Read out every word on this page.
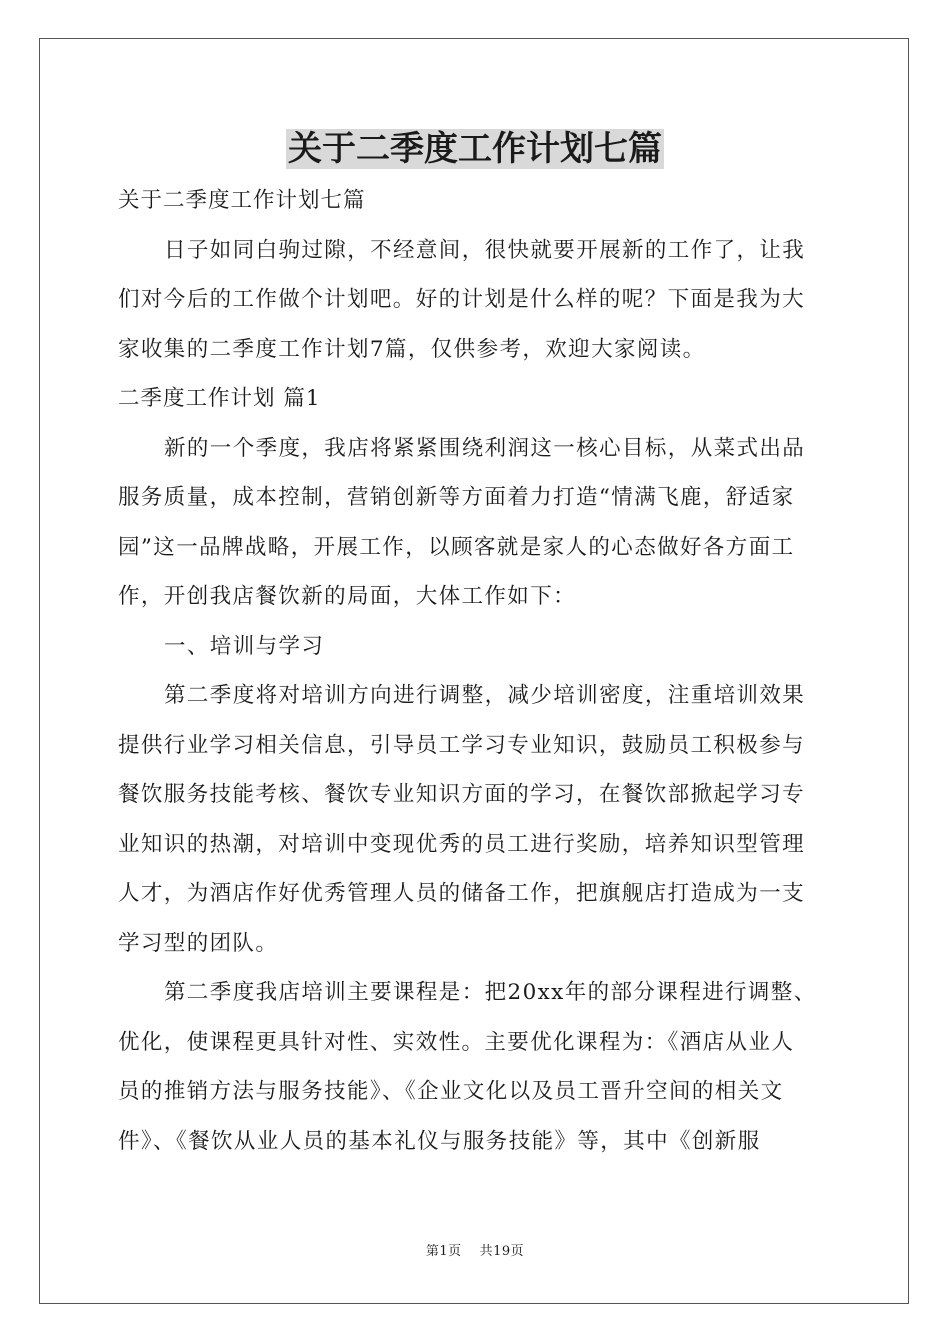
关于二季度工作计划七篇
关于二季度工作计划七篇
日子如同白驹过隙，不经意间，很快就要开展新的工作了，让我
们对今后的工作做个计划吧。好的计划是什么样的呢？下面是我为大
家收集的二季度工作计划7篇，仅供参考，欢迎大家阅读。
二季度工作计划 篇1
新的一个季度，我店将紧紧围绕利润这一核心目标，从菜式出品
服务质量，成本控制，营销创新等方面着力打造“情满飞鹿，舒适家
园”这一品牌战略，开展工作，以顾客就是家人的心态做好各方面工
作，开创我店餐饮新的局面，大体工作如下：
一、培训与学习
第二季度将对培训方向进行调整，减少培训密度，注重培训效果
提供行业学习相关信息，引导员工学习专业知识，鼓励员工积极参与
餐饮服务技能考核、餐饮专业知识方面的学习，在餐饮部掀起学习专
业知识的热潮，对培训中变现优秀的员工进行奖励，培养知识型管理
人才，为酒店作好优秀管理人员的储备工作，把旗舰店打造成为一支
学习型的团队。
第二季度我店培训主要课程是：把20xx年的部分课程进行调整、
优化，使课程更具针对性、实效性。主要优化课程为：《酒店从业人
员的推销方法与服务技能》、《企业文化以及员工晋升空间的相关文
件》、《餐饮从业人员的基本礼仪与服务技能》等，其中《创新服
第1页 共19页
